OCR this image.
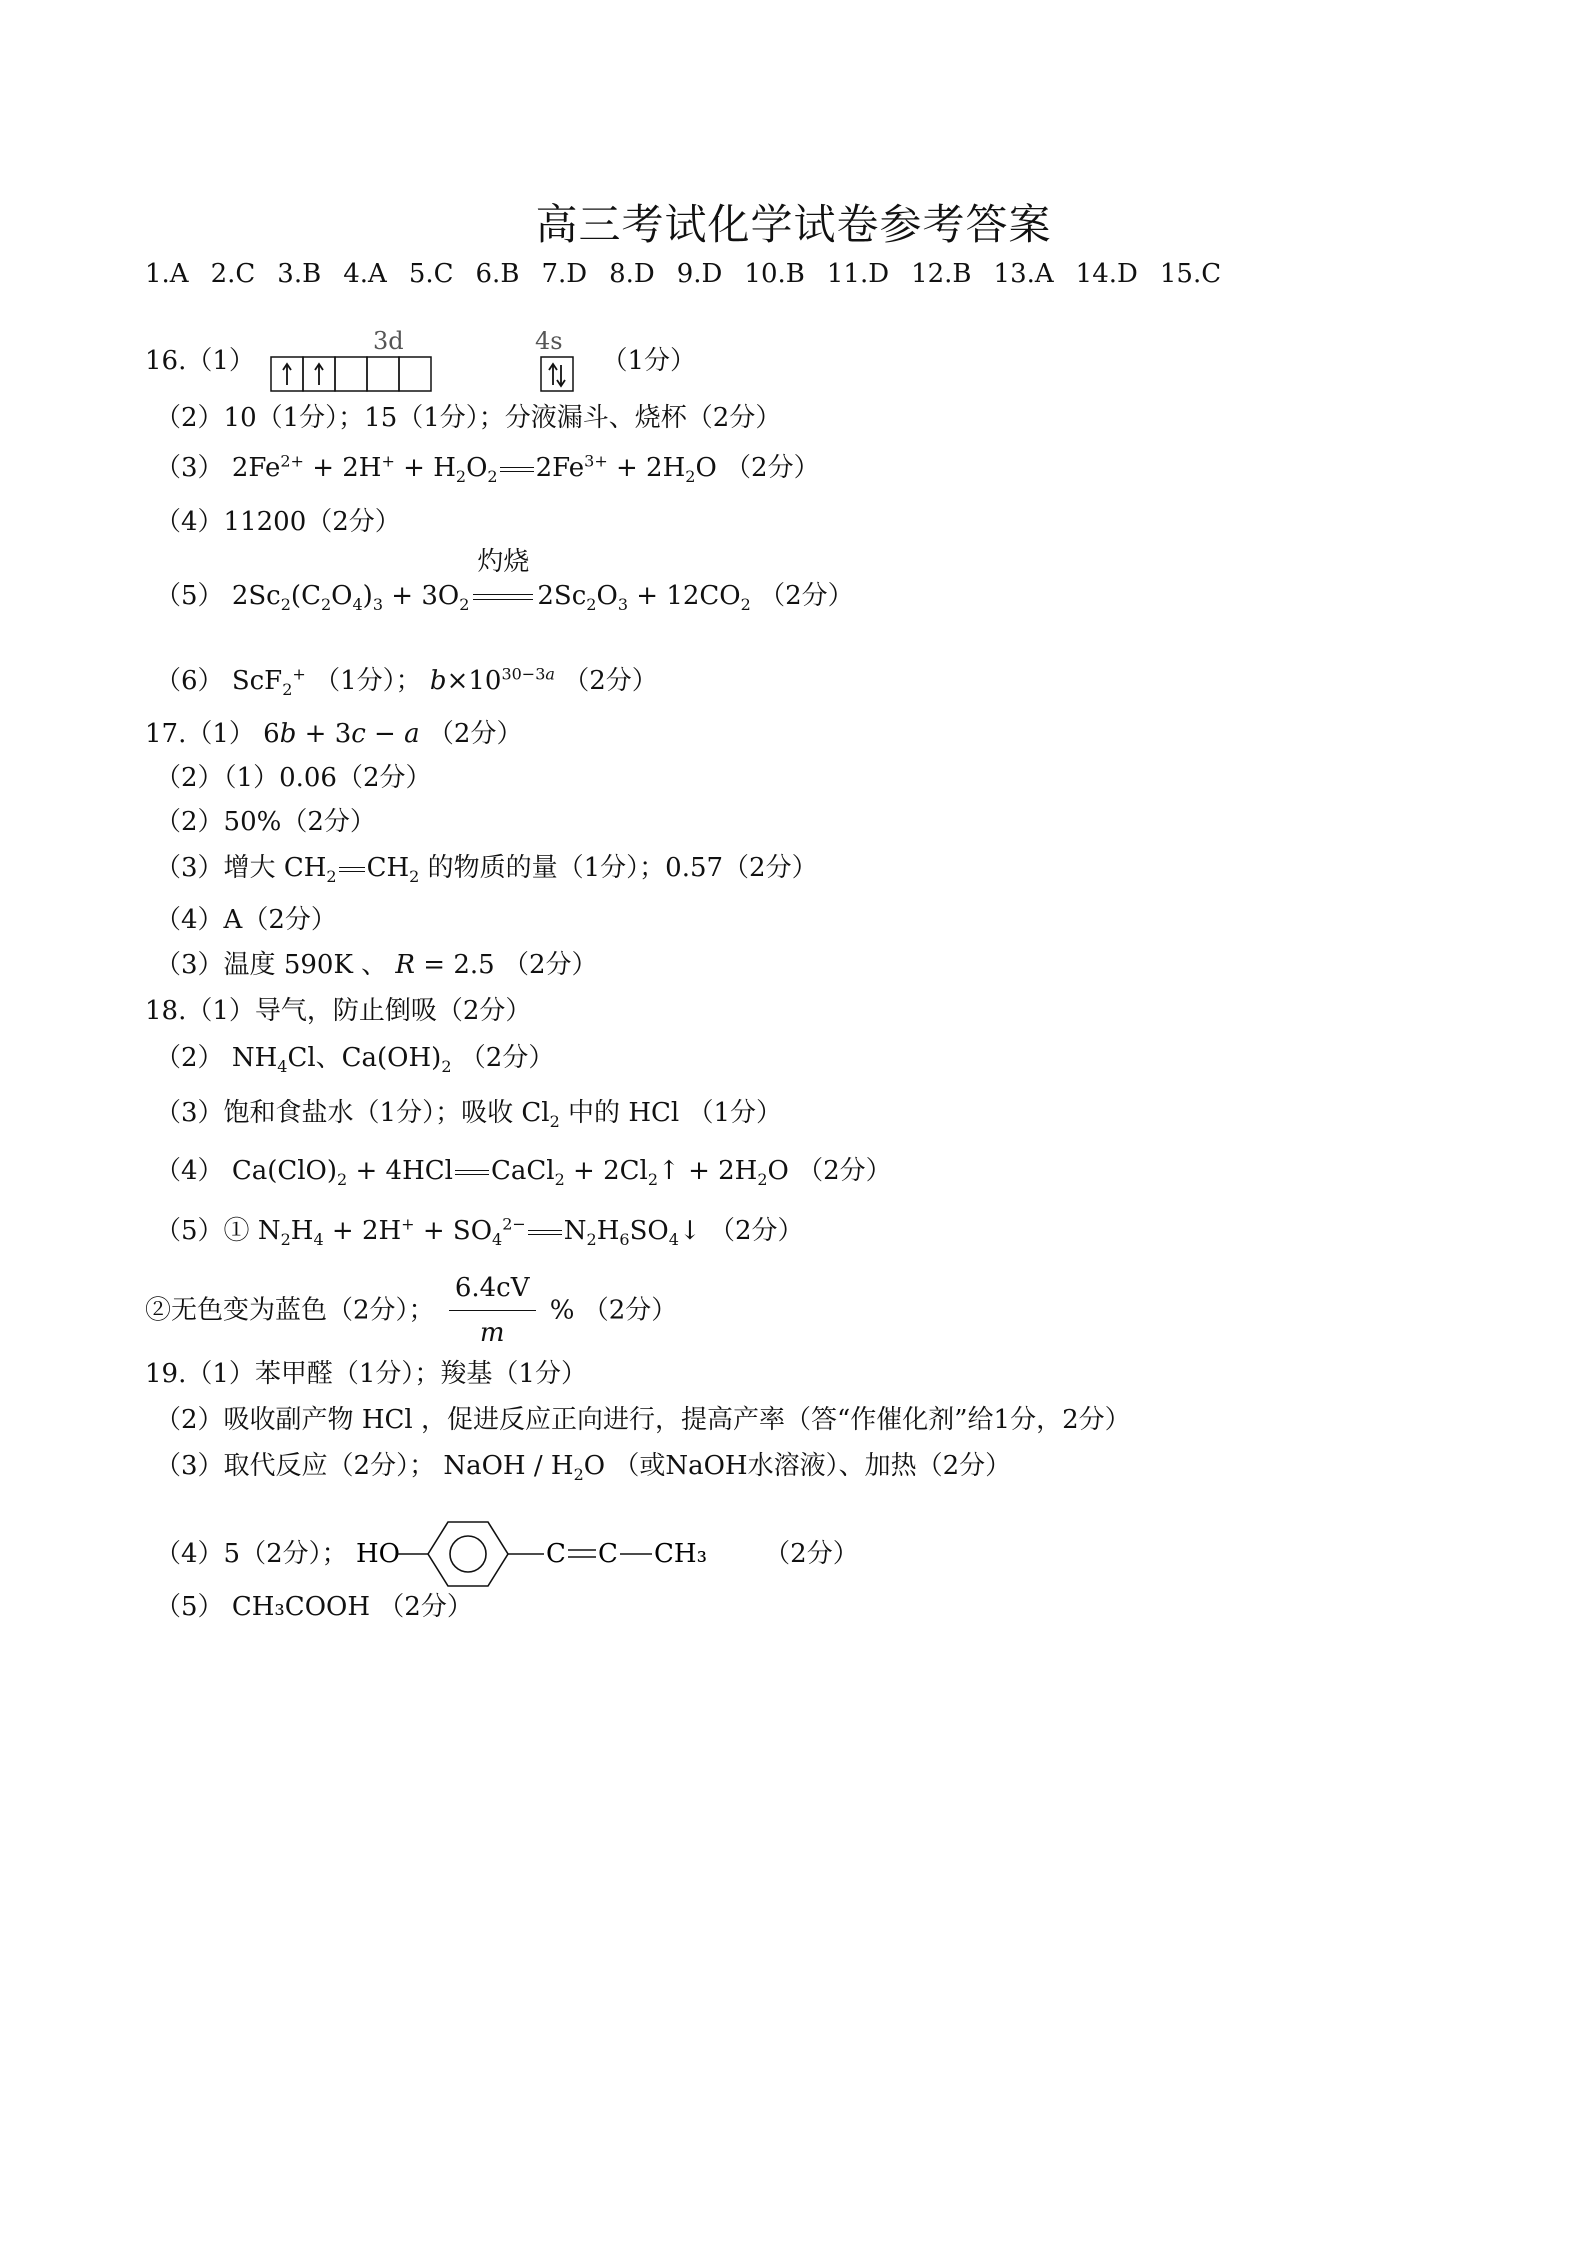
高三考试化学试卷参考答案
1.A 2.C 3.B 4.A 5.C 6.B 7.D 8.D 9.D 10.B 11.D 12.B 13.A 14.D 15.C
16.（1）
3d	4s
（1分）
（2）10（1分）；15（1分）；分液漏斗、烧杯（2分）
（3） $2Fe^{2+} + 2H^+ + H_2O_2$ $2Fe^{3+} + 2H_2O$ （2分）
（4）11200（2分）
（5） $2Sc_2(C_2O_4)_3 + 3O_2$
灼烧
$2Sc_2O_3 + 12CO_2$ （2分）
（6） ScF$_2$+ （1分）； $b\times 10^{30-3a}$ （2分）
17.（1） 6b + 3c − a （2分）
（2）（1）0.06（2分）
（2）50%（2分）
（3）增大 $CH_2$ $CH_2$ 的物质的量（1分）；0.57（2分）
（4）A（2分）
（3）温度 590K 、 R = 2.5 （2分）
18.（1）导气，防止倒吸（2分）
（2） $NH_4Cl$、$Ca(OH)_2$ （2分）
（3）饱和食盐水（1分）；吸收 $Cl_2$ 中的 HCl （1分）
（4） $Ca(ClO)_2 + 4HCl$ CaCl$_2$ + $2Cl_2↑ + 2H_2O$ （2分）
（5）① $N_2H_4 + 2H^+ + SO_4^{2-}$ $N_2H_6SO_4↓$ （2分）
②无色变为蓝色（2分）； $\frac{6.4cV}{m}$ % （2分）
19.（1）苯甲醛（1分）；羧基（1分）
（2）吸收副产物 HCl ，促进反应正向进行，提高产率（答“作催化剂”给1分，2分）
（3）取代反应（2分）； NaOH / $H_2O$ （或NaOH水溶液）、加热（2分）
（4）5（2分）； HO	C C CH₃ （2分）
（5） CH₃COOH （2分）
